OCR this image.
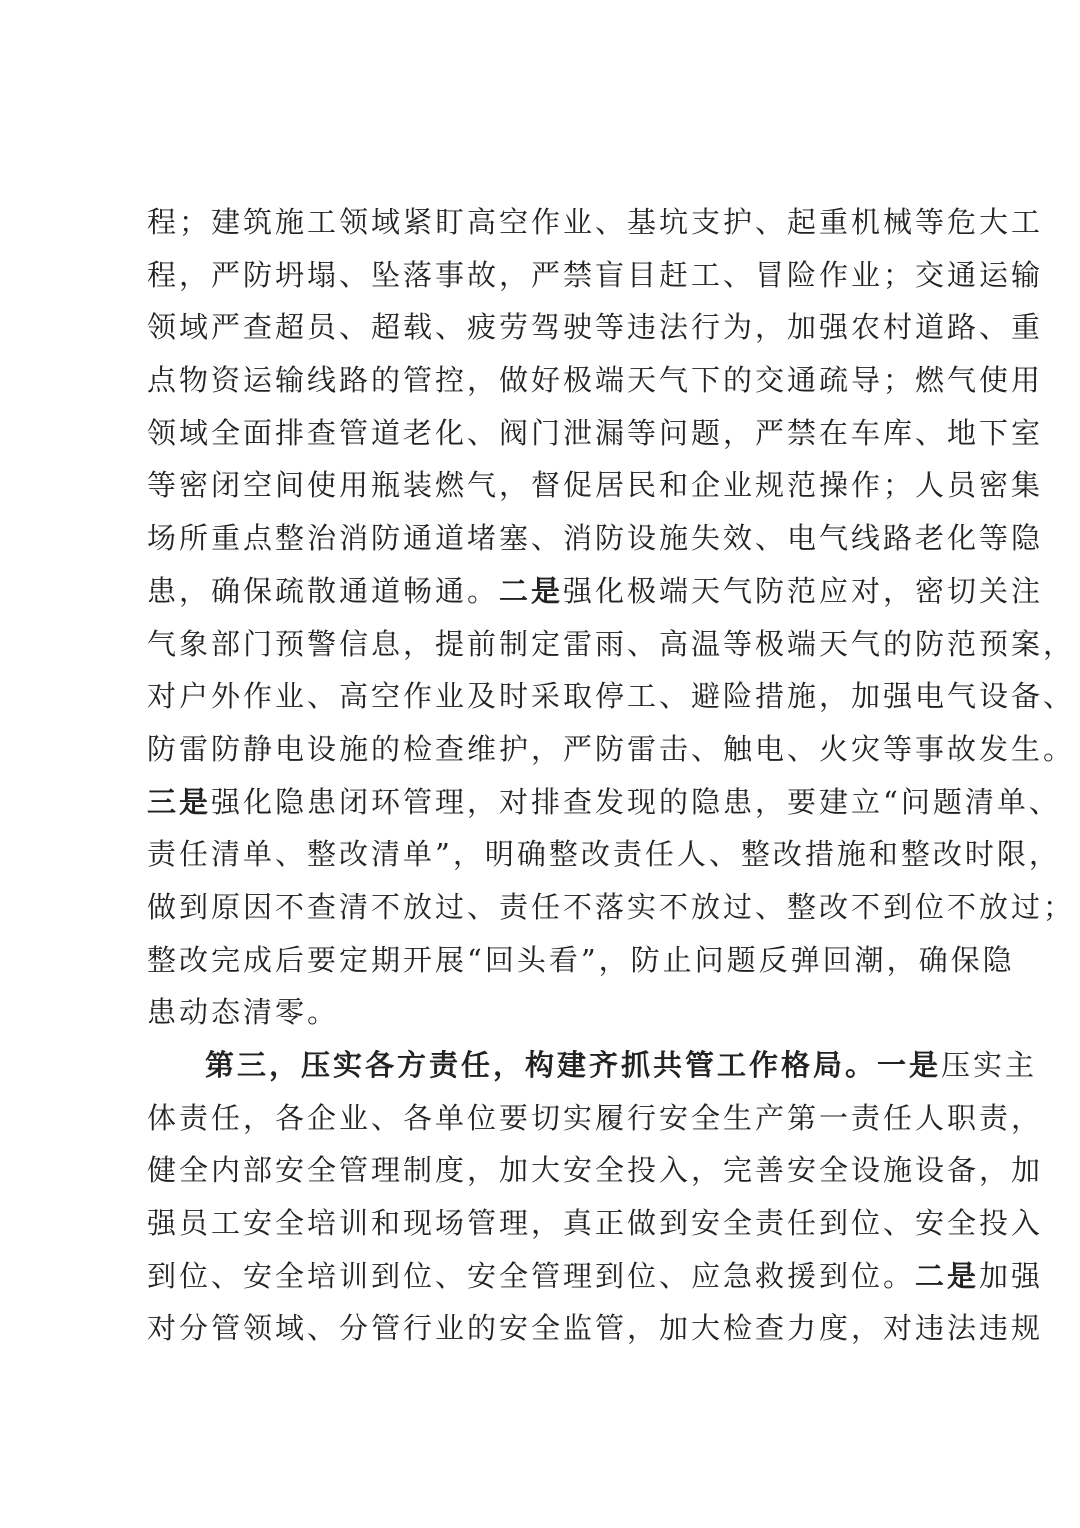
程；建筑施工领域紧盯高空作业、基坑支护、起重机械等危大工
程，严防坍塌、坠落事故，严禁盲目赶工、冒险作业；交通运输
领域严查超员、超载、疲劳驾驶等违法行为，加强农村道路、重
点物资运输线路的管控，做好极端天气下的交通疏导；燃气使用
领域全面排查管道老化、阀门泄漏等问题，严禁在车库、地下室
等密闭空间使用瓶装燃气，督促居民和企业规范操作；人员密集
场所重点整治消防通道堵塞、消防设施失效、电气线路老化等隐
患，确保疏散通道畅通。二是强化极端天气防范应对，密切关注
气象部门预警信息，提前制定雷雨、高温等极端天气的防范预案，
对户外作业、高空作业及时采取停工、避险措施，加强电气设备、
防雷防静电设施的检查维护，严防雷击、触电、火灾等事故发生。
三是强化隐患闭环管理，对排查发现的隐患，要建立“问题清单、
责任清单、整改清单”，明确整改责任人、整改措施和整改时限，
做到原因不查清不放过、责任不落实不放过、整改不到位不放过；
整改完成后要定期开展“回头看”，防止问题反弹回潮，确保隐
患动态清零。
第三，压实各方责任，构建齐抓共管工作格局。一是压实主
体责任，各企业、各单位要切实履行安全生产第一责任人职责，
健全内部安全管理制度，加大安全投入，完善安全设施设备，加
强员工安全培训和现场管理，真正做到安全责任到位、安全投入
到位、安全培训到位、安全管理到位、应急救援到位。二是加强
对分管领域、分管行业的安全监管，加大检查力度，对违法违规
